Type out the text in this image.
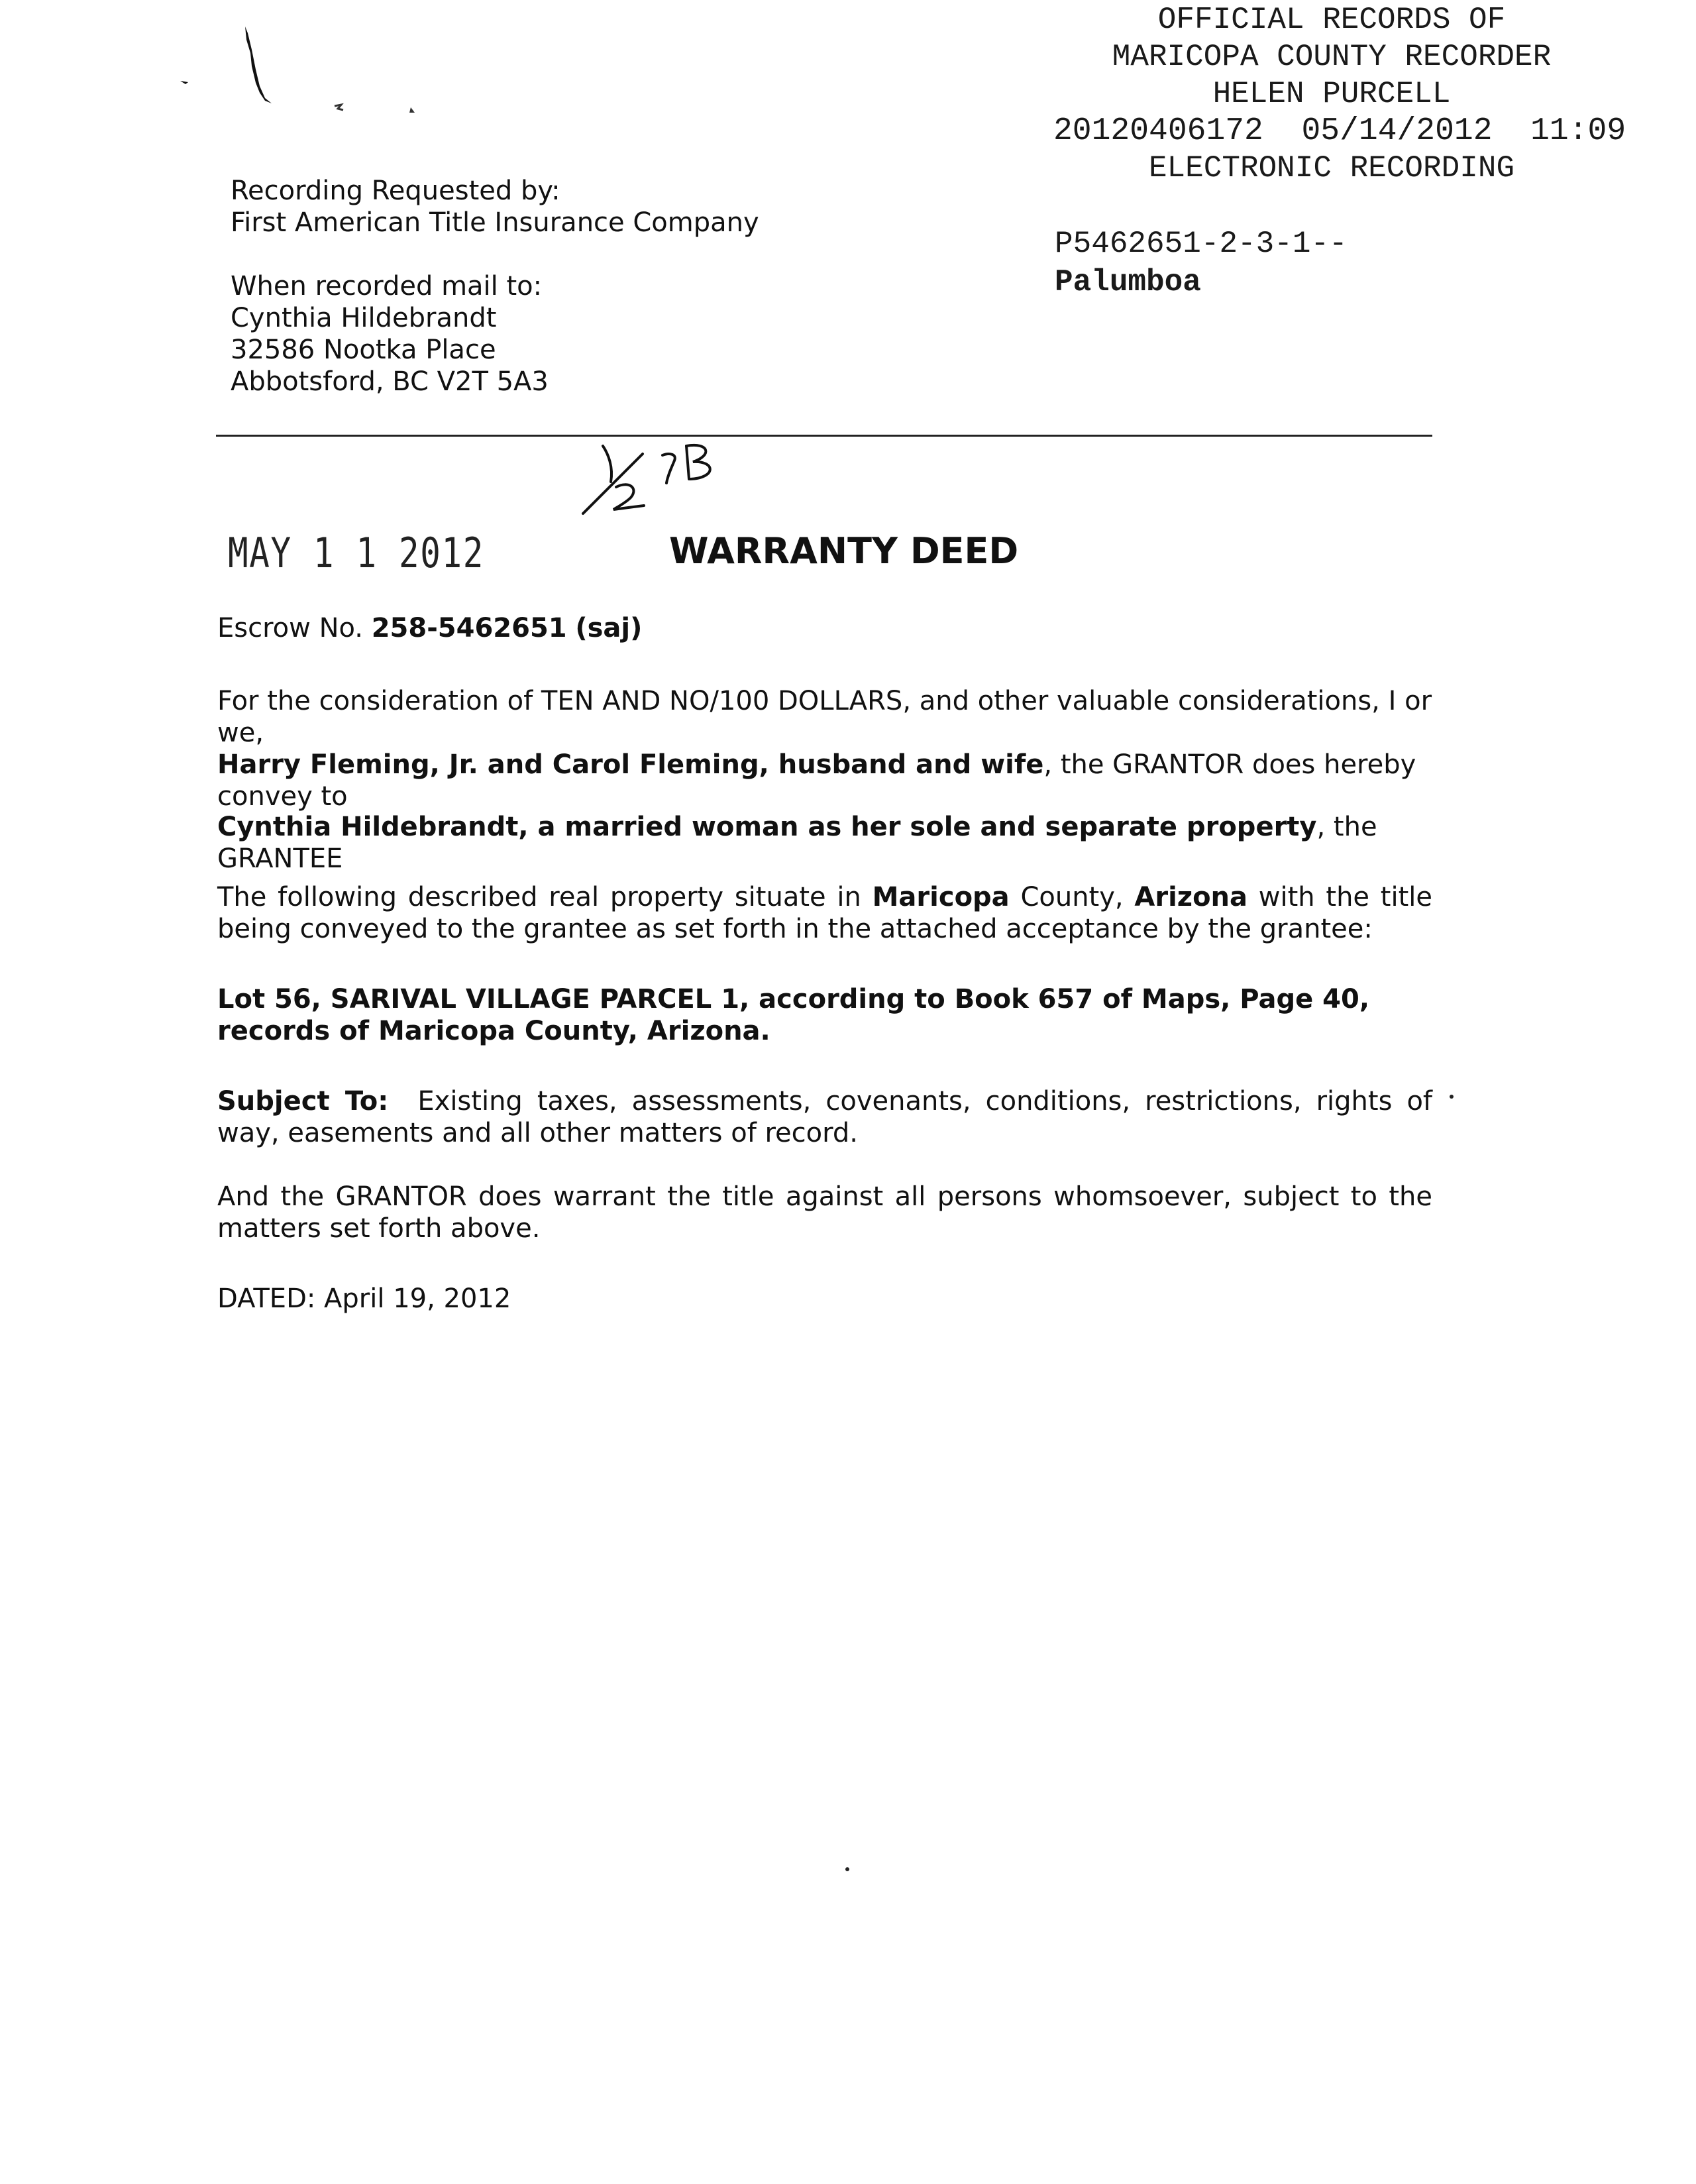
OFFICIAL RECORDS OF
MARICOPA COUNTY RECORDER
HELEN PURCELL
20120406172 05/14/2012 11:09
ELECTRONIC RECORDING
P5462651-2-3-1--
Palumboa
Recording Requested by:
First American Title Insurance Company
When recorded mail to:
Cynthia Hildebrandt
32586 Nootka Place
Abbotsford, BC V2T 5A3
MAY 1 1 2012	WARRANTY DEED
Escrow No. 258-5462651 (saj)
For the consideration of TEN AND NO/100 DOLLARS, and other valuable considerations, I or we,
Harry Fleming, Jr. and Carol Fleming, husband and wife, the GRANTOR does hereby convey to
Cynthia Hildebrandt, a married woman as her sole and separate property, the GRANTEE
The following described real property situate in Maricopa County, Arizona with the title being conveyed to the grantee as set forth in the attached acceptance by the grantee:
Lot 56, SARIVAL VILLAGE PARCEL 1, according to Book 657 of Maps, Page 40, records of Maricopa County, Arizona.
Subject To: Existing taxes, assessments, covenants, conditions, restrictions, rights of way, easements and all other matters of record.
And the GRANTOR does warrant the title against all persons whomsoever, subject to the matters set forth above.
DATED: April 19, 2012
